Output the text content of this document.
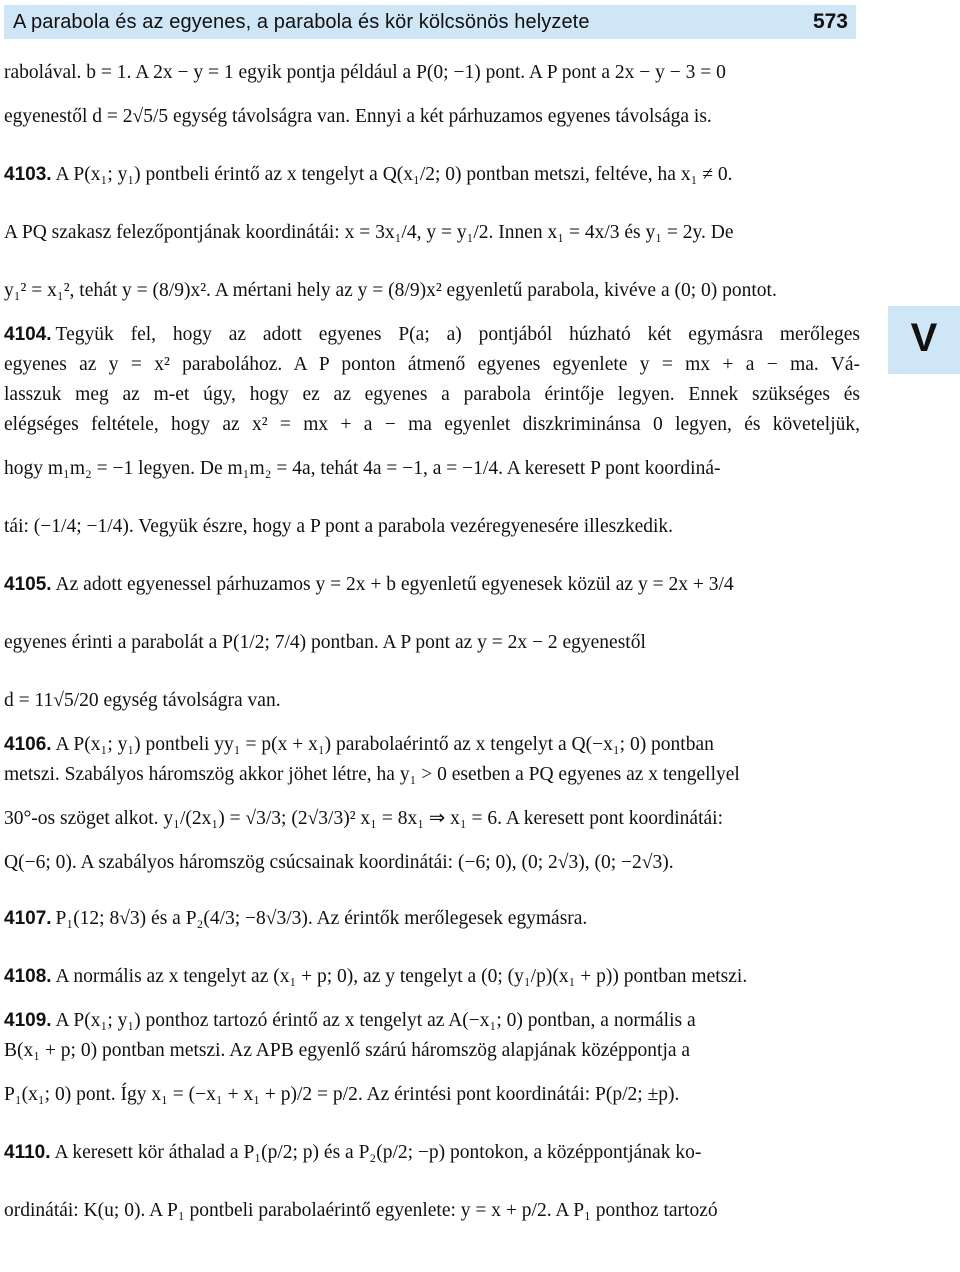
A parabola és az egyenes, a parabola és kör kölcsönös helyzete	573
V
rabolával. b = 1. A 2x − y = 1 egyik pontja például a P(0; −1) pont. A P pont a 2x − y − 3 = 0
egyenestől d = 2√5/5 egység távolságra van. Ennyi a két párhuzamos egyenes távolsága is.
4103. A P(x₁; y₁) pontbeli érintő az x tengelyt a Q(x₁/2; 0) pontban metszi, feltéve, ha x₁ ≠ 0.
A PQ szakasz felezőpontjának koordinátái: x = 3x₁/4, y = y₁/2. Innen x₁ = 4x/3 és y₁ = 2y. De
y₁² = x₁², tehát y = (8/9)x². A mértani hely az y = (8/9)x² egyenletű parabola, kivéve a (0; 0) pontot.
4104. Tegyük fel, hogy az adott egyenes P(a; a) pontjából húzható két egymásra merőleges
egyenes az y = x² parabolához. A P ponton átmenő egyenes egyenlete y = mx + a − ma. Vá-
lasszuk meg az m-et úgy, hogy ez az egyenes a parabola érintője legyen. Ennek szükséges és
elégséges feltétele, hogy az x² = mx + a − ma egyenlet diszkriminánsa 0 legyen, és követeljük,
hogy m₁m₂ = −1 legyen. De m₁m₂ = 4a, tehát 4a = −1, a = −1/4. A keresett P pont koordiná-
tái: (−1/4; −1/4). Vegyük észre, hogy a P pont a parabola vezéregyenesére illeszkedik.
4105. Az adott egyenessel párhuzamos y = 2x + b egyenletű egyenesek közül az y = 2x + 3/4
egyenes érinti a parabolát a P(1/2; 7/4) pontban. A P pont az y = 2x − 2 egyenestől
d = 11√5/20 egység távolságra van.
4106. A P(x₁; y₁) pontbeli yy₁ = p(x + x₁) parabolaérintő az x tengelyt a Q(−x₁; 0) pontban
metszi. Szabályos háromszög akkor jöhet létre, ha y₁ > 0 esetben a PQ egyenes az x tengellyel
30°-os szöget alkot. y₁/(2x₁) = √3/3; (2√3/3)² x₁ = 8x₁ ⇒ x₁ = 6. A keresett pont koordinátái:
Q(−6; 0). A szabályos háromszög csúcsainak koordinátái: (−6; 0), (0; 2√3), (0; −2√3).
4107. P₁(12; 8√3) és a P₂(4/3; −8√3/3). Az érintők merőlegesek egymásra.
4108. A normális az x tengelyt az (x₁ + p; 0), az y tengelyt a (0; (y₁/p)(x₁ + p)) pontban metszi.
4109. A P(x₁; y₁) ponthoz tartozó érintő az x tengelyt az A(−x₁; 0) pontban, a normális a
B(x₁ + p; 0) pontban metszi. Az APB egyenlő szárú háromszög alapjának középpontja a
P₁(x₁; 0) pont. Így x₁ = (−x₁ + x₁ + p)/2 = p/2. Az érintési pont koordinátái: P(p/2; ±p).
4110. A keresett kör áthalad a P₁(p/2; p) és a P₂(p/2; −p) pontokon, a középpontjának ko-
ordinátái: K(u; 0). A P₁ pontbeli parabolaérintő egyenlete: y = x + p/2. A P₁ ponthoz tartozó
